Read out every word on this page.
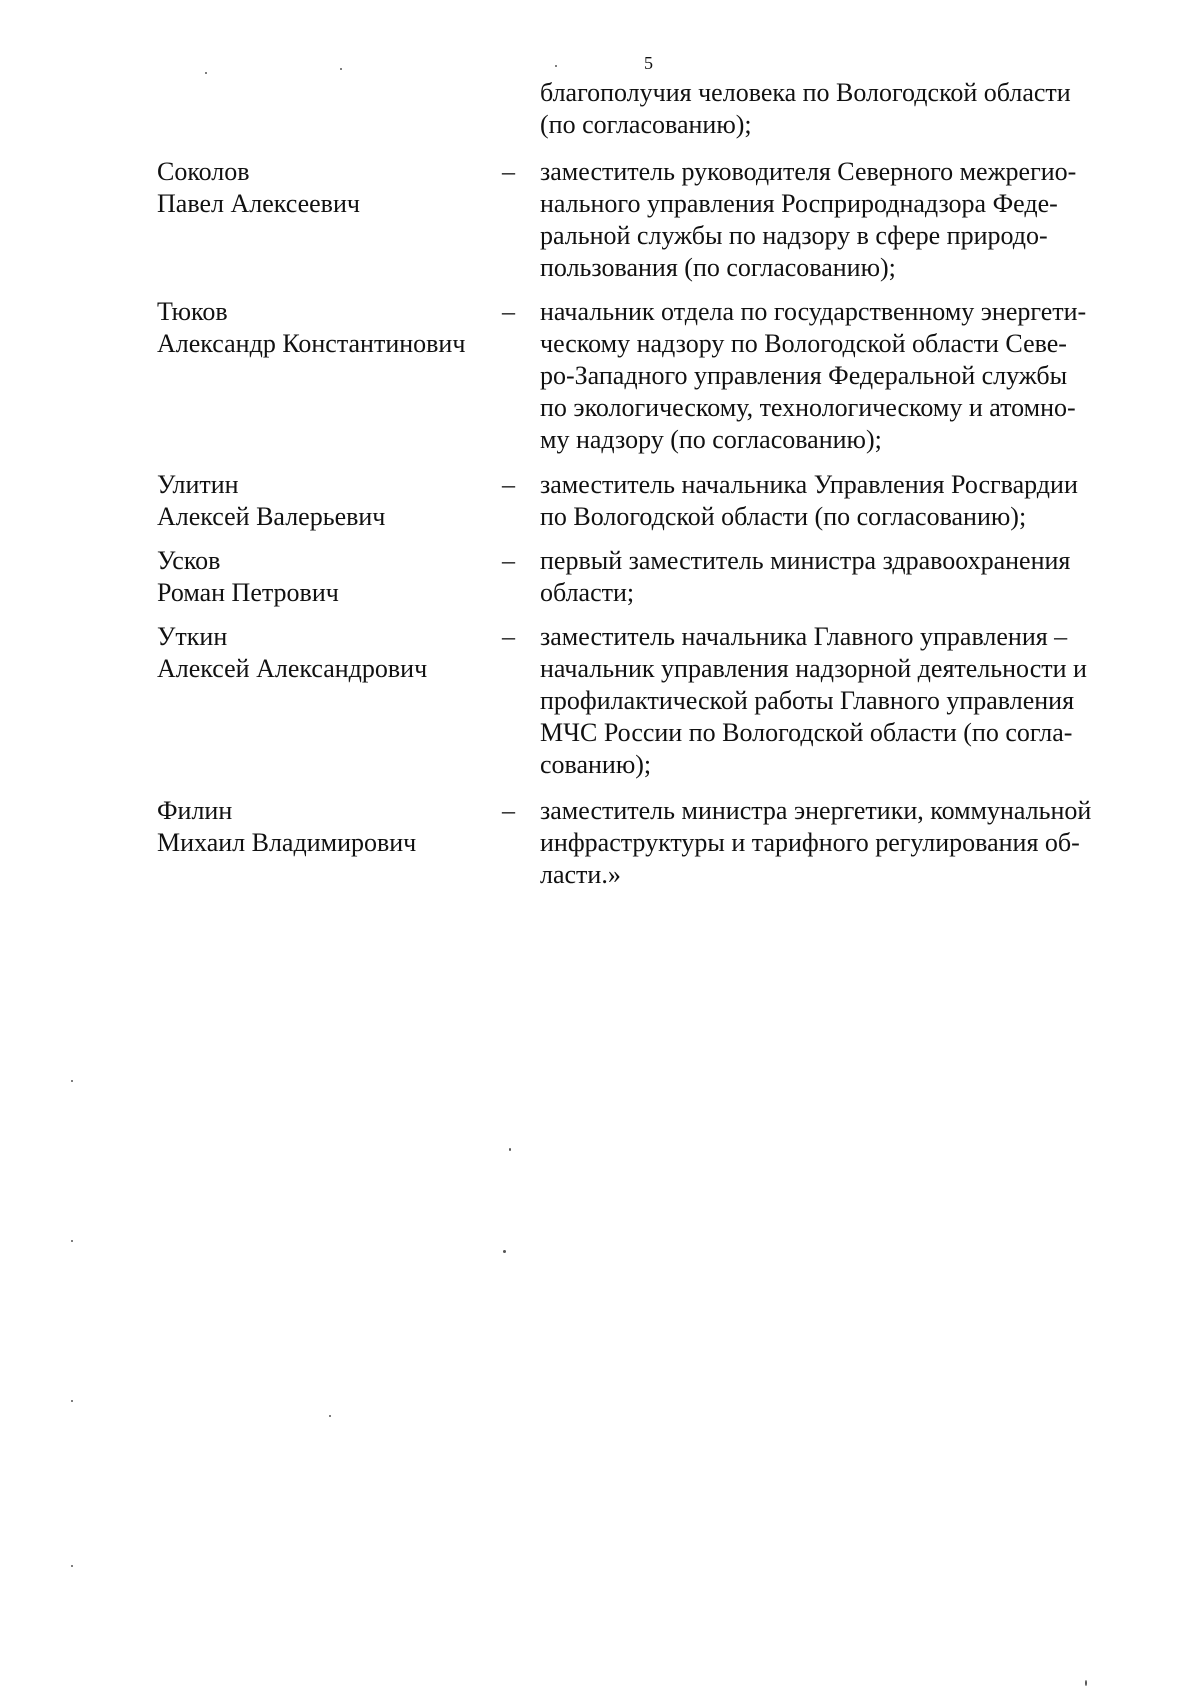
5
благополучия человека по Вологодской области
(по согласованию);
Соколов
Павел Алексеевич
– заместитель руководителя Северного межрегио-
нального управления Росприроднадзора Феде-
ральной службы по надзору в сфере природо-
пользования (по согласованию);
Тюков
Александр Константинович
– начальник отдела по государственному энергети-
ческому надзору по Вологодской области Севе-
ро-Западного управления Федеральной службы
по экологическому, технологическому и атомно-
му надзору (по согласованию);
Улитин
Алексей Валерьевич
– заместитель начальника Управления Росгвардии
по Вологодской области (по согласованию);
Усков
Роман Петрович
– первый заместитель министра здравоохранения
области;
Уткин
Алексей Александрович
– заместитель начальника Главного управления –
начальник управления надзорной деятельности и
профилактической работы Главного управления
МЧС России по Вологодской области (по согла-
сованию);
Филин
Михаил Владимирович
– заместитель министра энергетики, коммунальной
инфраструктуры и тарифного регулирования об-
ласти.»
